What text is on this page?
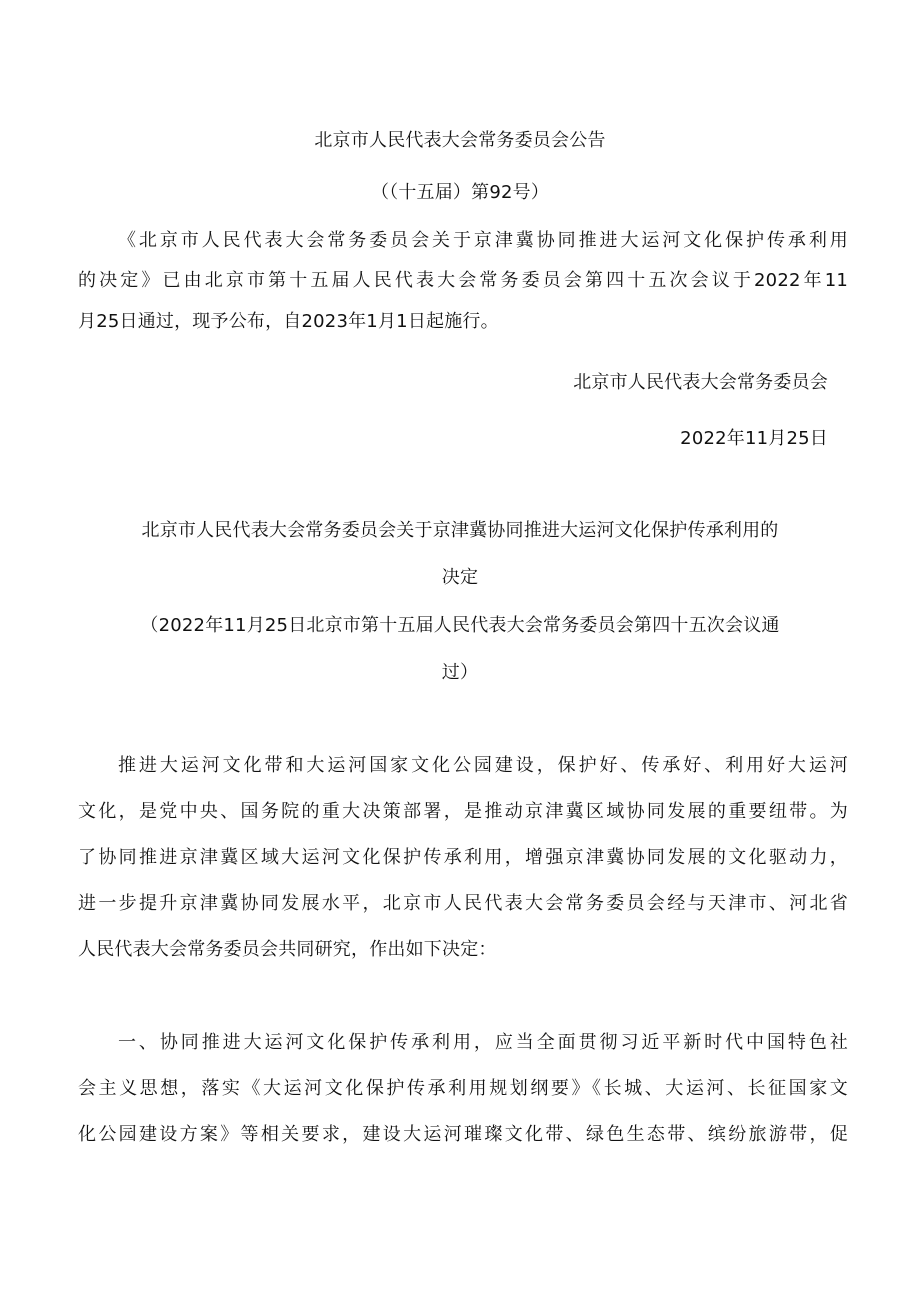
北京市人民代表大会常务委员会公告
（（十五届）第92号）
《北京市人民代表大会常务委员会关于京津冀协同推进大运河文化保护传承利用
的决定》已由北京市第十五届人民代表大会常务委员会第四十五次会议于2022年11
月25日通过，现予公布，自2023年1月1日起施行。
北京市人民代表大会常务委员会
2022年11月25日
北京市人民代表大会常务委员会关于京津冀协同推进大运河文化保护传承利用的
决定
（2022年11月25日北京市第十五届人民代表大会常务委员会第四十五次会议通
过）
推进大运河文化带和大运河国家文化公园建设，保护好、传承好、利用好大运河
文化，是党中央、国务院的重大决策部署，是推动京津冀区域协同发展的重要纽带。为
了协同推进京津冀区域大运河文化保护传承利用，增强京津冀协同发展的文化驱动力，
进一步提升京津冀协同发展水平，北京市人民代表大会常务委员会经与天津市、河北省
人民代表大会常务委员会共同研究，作出如下决定：
一、协同推进大运河文化保护传承利用，应当全面贯彻习近平新时代中国特色社
会主义思想，落实《大运河文化保护传承利用规划纲要》《长城、大运河、长征国家文
化公园建设方案》等相关要求，建设大运河璀璨文化带、绿色生态带、缤纷旅游带，促
